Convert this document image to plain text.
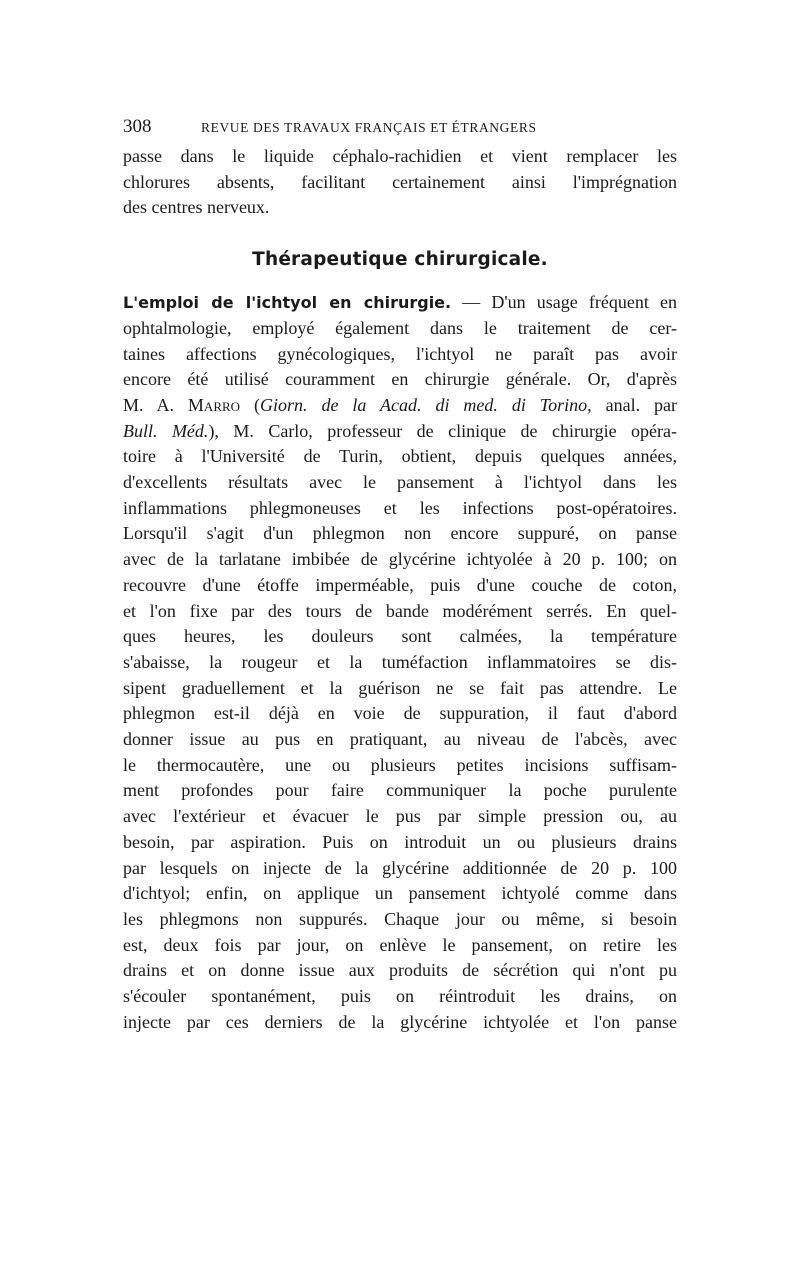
308	REVUE DES TRAVAUX FRANÇAIS ET ÉTRANGERS

passe dans le liquide céphalo-rachidien et vient remplacer les
chlorures absents, facilitant certainement ainsi l'imprégnation
des centres nerveux.

Thérapeutique chirurgicale.

L'emploi de l'ichtyol en chirurgie. — D'un usage fréquent en
ophtalmologie, employé également dans le traitement de cer-
taines affections gynécologiques, l'ichtyol ne paraît pas avoir
encore été utilisé couramment en chirurgie générale. Or, d'après
M. A. Marro (Giorn. de la Acad. di med. di Torino, anal. par
Bull. Méd.), M. Carlo, professeur de clinique de chirurgie opéra-
toire à l'Université de Turin, obtient, depuis quelques années,
d'excellents résultats avec le pansement à l'ichtyol dans les
inflammations phlegmoneuses et les infections post-opératoires.
Lorsqu'il s'agit d'un phlegmon non encore suppuré, on panse
avec de la tarlatane imbibée de glycérine ichtyolée à 20 p. 100; on
recouvre d'une étoffe imperméable, puis d'une couche de coton,
et l'on fixe par des tours de bande modérément serrés. En quel-
ques heures, les douleurs sont calmées, la température
s'abaisse, la rougeur et la tuméfaction inflammatoires se dis-
sipent graduellement et la guérison ne se fait pas attendre. Le
phlegmon est-il déjà en voie de suppuration, il faut d'abord
donner issue au pus en pratiquant, au niveau de l'abcès, avec
le thermocautère, une ou plusieurs petites incisions suffisam-
ment profondes pour faire communiquer la poche purulente
avec l'extérieur et évacuer le pus par simple pression ou, au
besoin, par aspiration. Puis on introduit un ou plusieurs drains
par lesquels on injecte de la glycérine additionnée de 20 p. 100
d'ichtyol; enfin, on applique un pansement ichtyolé comme dans
les phlegmons non suppurés. Chaque jour ou même, si besoin
est, deux fois par jour, on enlève le pansement, on retire les
drains et on donne issue aux produits de sécrétion qui n'ont pu
s'écouler spontanément, puis on réintroduit les drains, on
injecte par ces derniers de la glycérine ichtyolée et l'on panse
